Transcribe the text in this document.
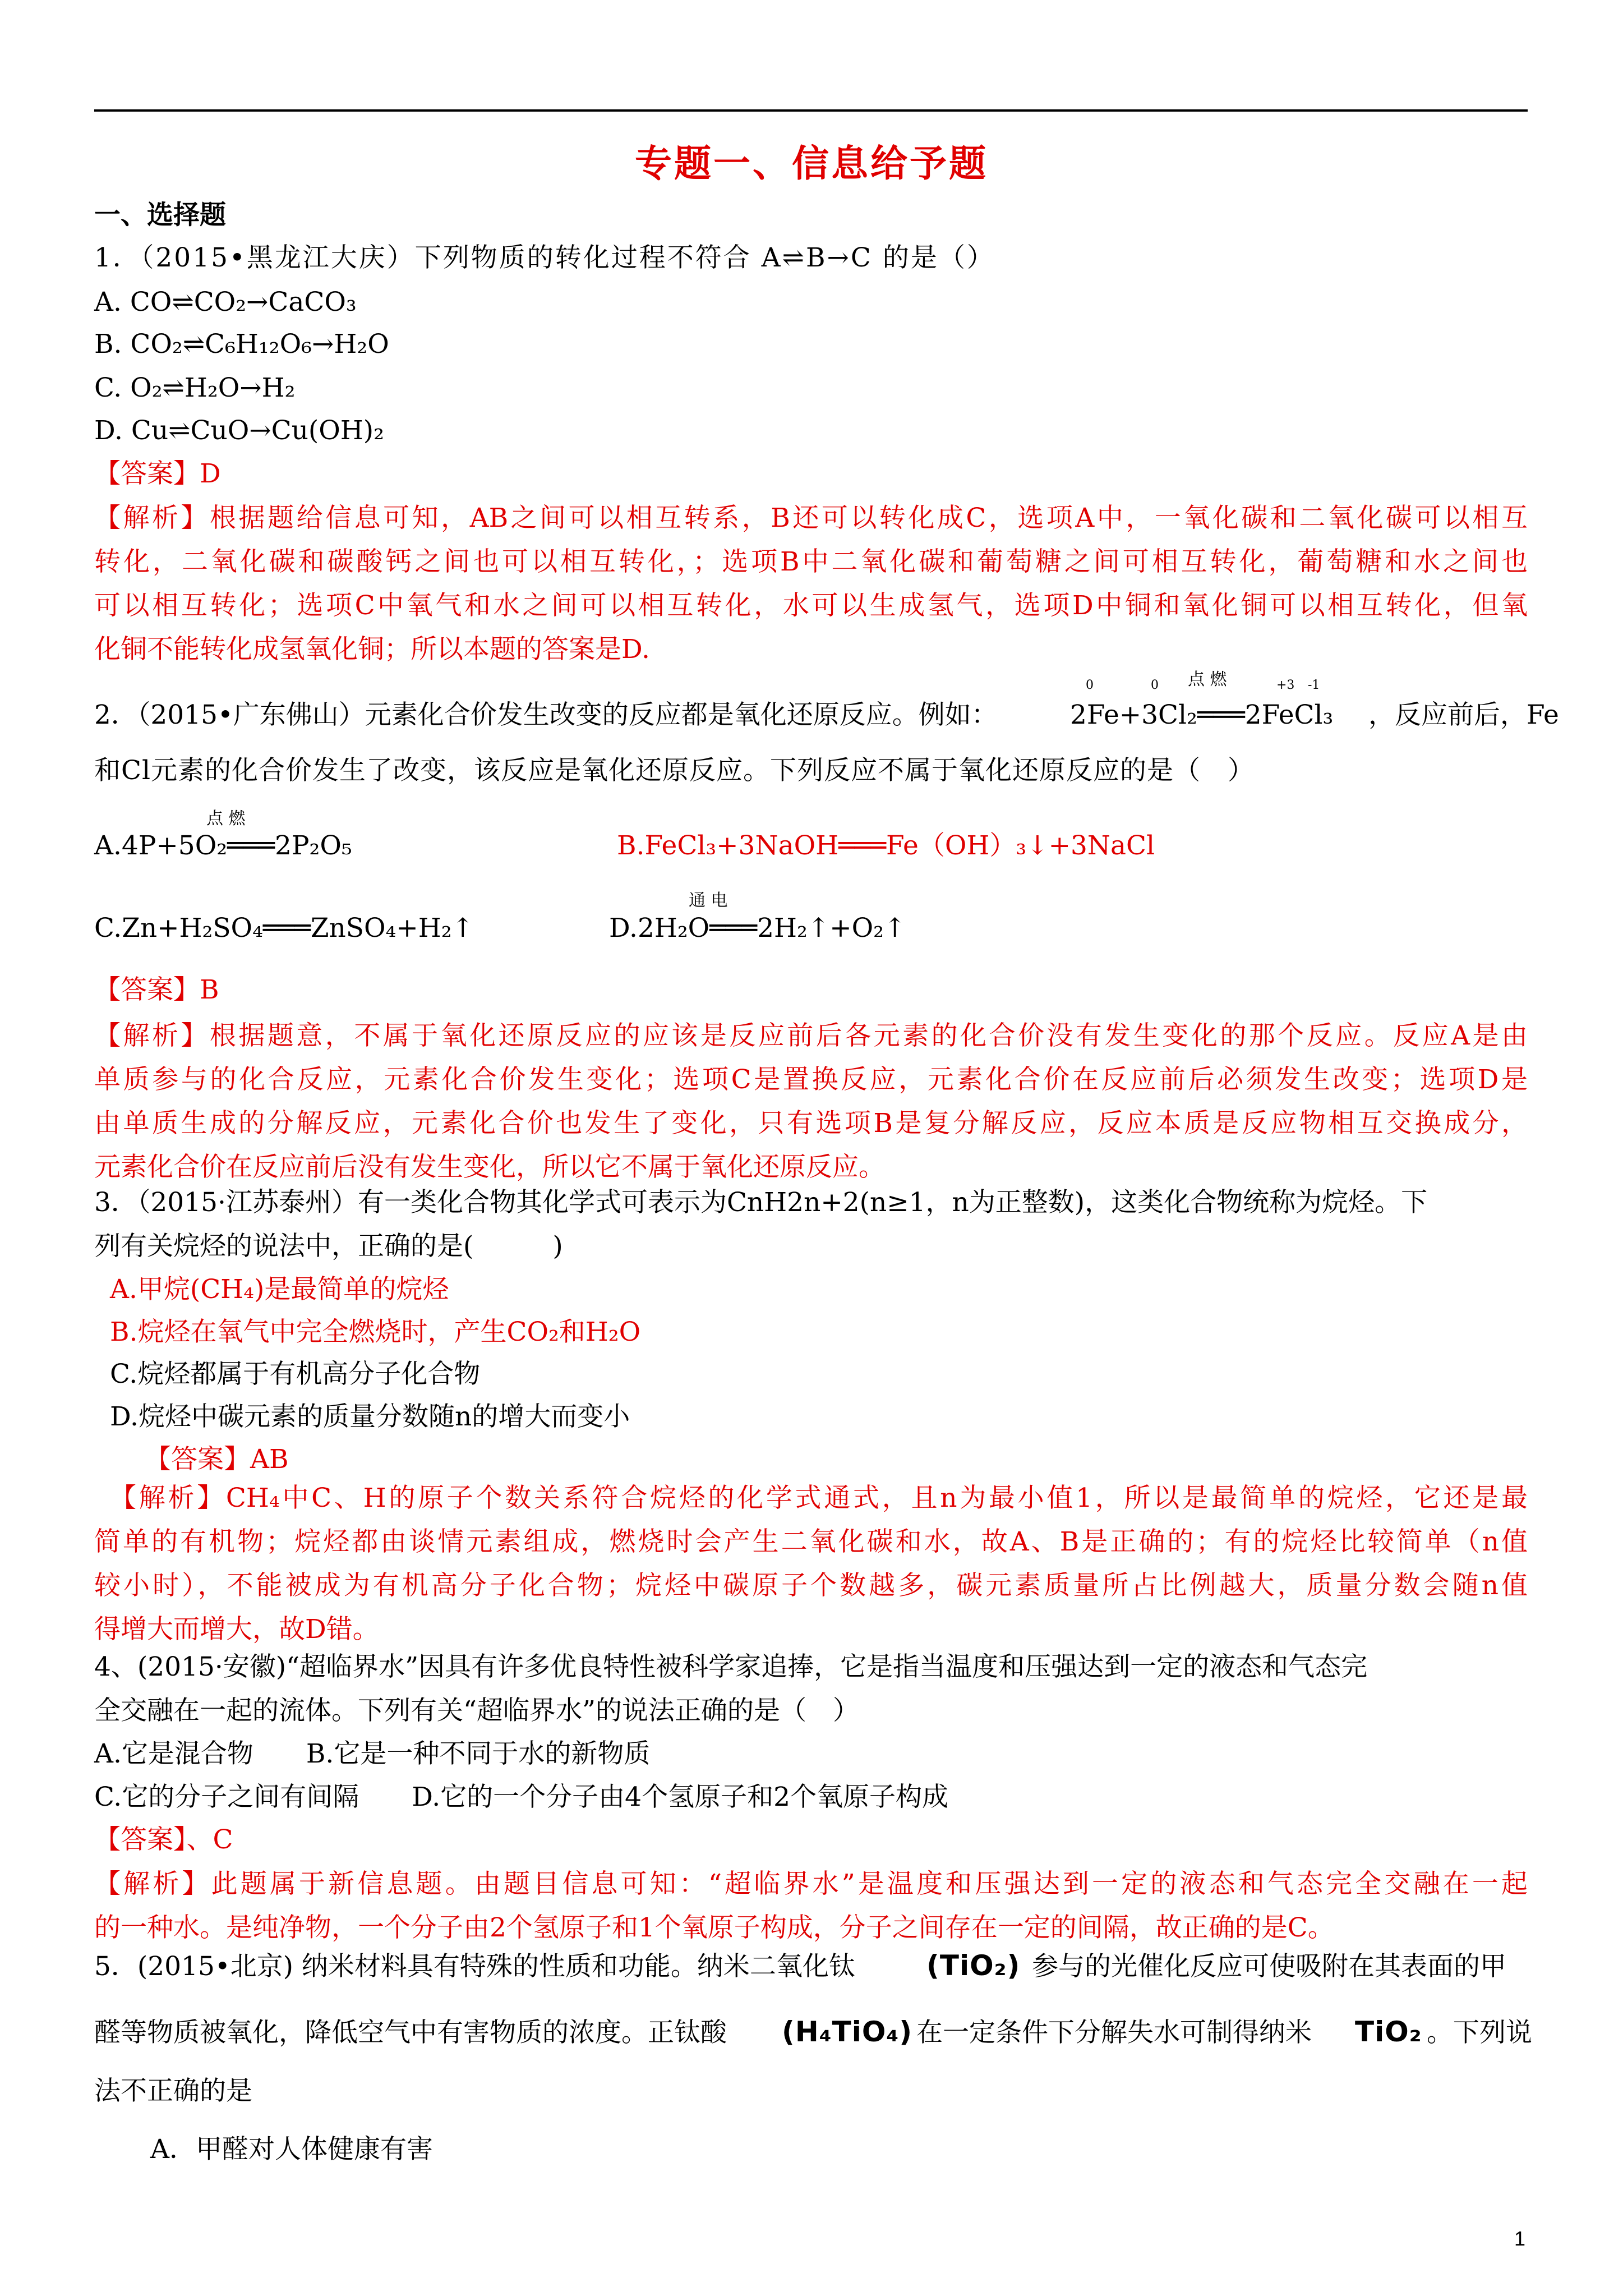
专题一、信息给予题
一、选择题
1．（2015•黑龙江大庆）下列物质的转化过程不符合 A⇌B→C 的是（）
A. CO⇌CO₂→CaCO₃
B. CO₂⇌C₆H₁₂O₆→H₂O
C. O₂⇌H₂O→H₂
D. Cu⇌CuO→Cu(OH)₂
【答案】D
【解析】根据题给信息可知，AB之间可以相互转系，B还可以转化成C，选项A中，一氧化碳和二氧化碳可以相互
转化，二氧化碳和碳酸钙之间也可以相互转化，；选项B中二氧化碳和葡萄糖之间可相互转化，葡萄糖和水之间也
可以相互转化；选项C中氧气和水之间可以相互转化，水可以生成氢气，选项D中铜和氧化铜可以相互转化，但氧
化铜不能转化成氢氧化铜；所以本题的答案是D.
2．（2015•广东佛山）元素化合价发生改变的反应都是氧化还原反应。例如：
0	0 点 燃	+3 -1
2Fe+3Cl₂═══2FeCl₃ ，反应前后，Fe
和Cl元素的化合价发生了改变，该反应是氧化还原反应。下列反应不属于氧化还原反应的是（　）
点 燃
A.4P+5O₂═══2P₂O₅	B.FeCl₃+3NaOH═══Fe（OH）₃↓+3NaCl
C.Zn+H₂SO₄═══ZnSO₄+H₂↑
通 电
D.2H₂O═══2H₂↑+O₂↑
【答案】B
【解析】根据题意，不属于氧化还原反应的应该是反应前后各元素的化合价没有发生变化的那个反应。反应A是由
单质参与的化合反应，元素化合价发生变化；选项C是置换反应，元素化合价在反应前后必须发生改变；选项D是
由单质生成的分解反应，元素化合价也发生了变化，只有选项B是复分解反应，反应本质是反应物相互交换成分，
元素化合价在反应前后没有发生变化，所以它不属于氧化还原反应。
3．（2015·江苏泰州）有一类化合物其化学式可表示为CnH2n+2(n≥1，n为正整数)，这类化合物统称为烷烃。下
列有关烷烃的说法中，正确的是(　　　)
A.甲烷(CH₄)是最简单的烷烃
B.烷烃在氧气中完全燃烧时，产生CO₂和H₂O
C.烷烃都属于有机高分子化合物
D.烷烃中碳元素的质量分数随n的增大而变小
【答案】AB
【解析】CH₄中C、H的原子个数关系符合烷烃的化学式通式，且n为最小值1，所以是最简单的烷烃，它还是最
简单的有机物；烷烃都由谈情元素组成，燃烧时会产生二氧化碳和水，故A、B是正确的；有的烷烃比较简单（n值
较小时），不能被成为有机高分子化合物；烷烃中碳原子个数越多，碳元素质量所占比例越大，质量分数会随n值
得增大而增大，故D错。
4、(2015·安徽)“超临界水”因具有许多优良特性被科学家追捧，它是指当温度和压强达到一定的液态和气态完
全交融在一起的流体。下列有关“超临界水”的说法正确的是（　）
A.它是混合物　　B.它是一种不同于水的新物质
C.它的分子之间有间隔　　D.它的一个分子由4个氢原子和2个氧原子构成
【答案】、C
【解析】此题属于新信息题。由题目信息可知：“超临界水”是温度和压强达到一定的液态和气态完全交融在一起
的一种水。是纯净物，一个分子由2个氢原子和1个氧原子构成，分子之间存在一定的间隔，故正确的是C。
5．(2015•北京) 纳米材料具有特殊的性质和功能。纳米二氧化钛	(TiO₂) 参与的光催化反应可使吸附在其表面的甲
醛等物质被氧化，降低空气中有害物质的浓度。正钛酸 (H₄TiO₄) 在一定条件下分解失水可制得纳米 TiO₂ 。下列说
法不正确的是
A．甲醛对人体健康有害
1
